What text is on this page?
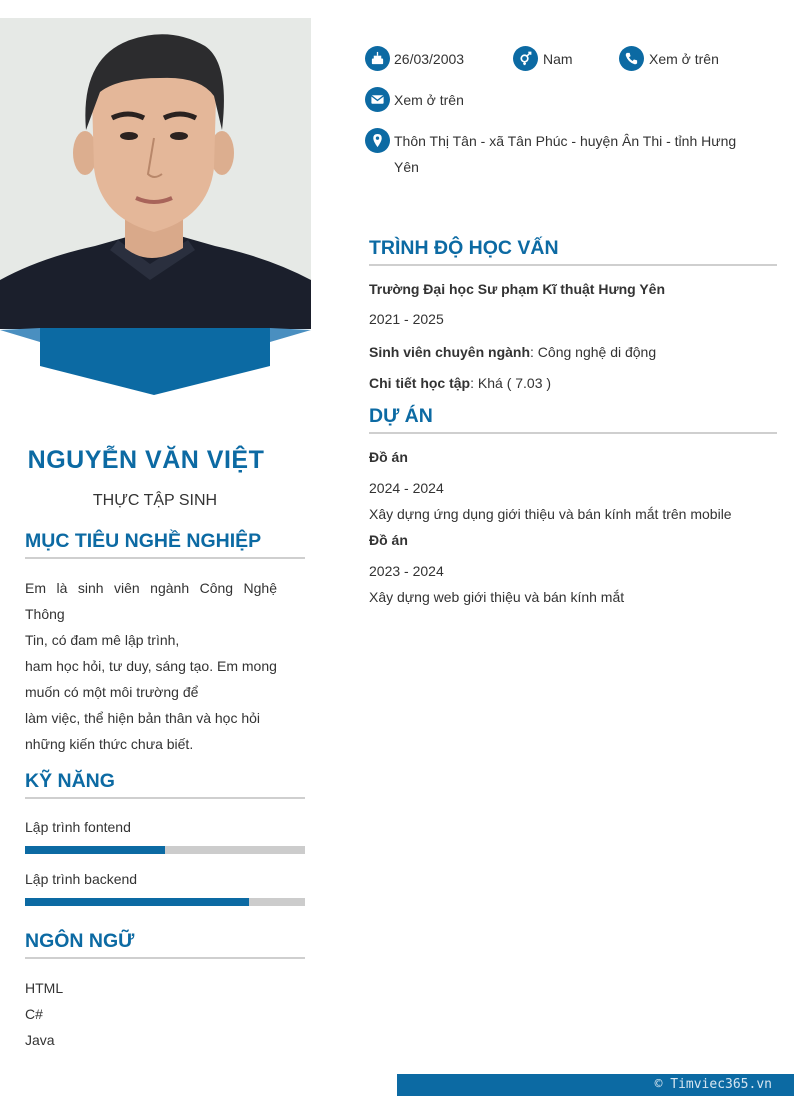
NGUYỄN VĂN VIỆT
THỰC TẬP SINH
MỤC TIÊU NGHỀ NGHIỆP
Em là sinh viên ngành Công Nghệ Thông
Tin, có đam mê lập trình,
ham học hỏi, tư duy, sáng tạo. Em mong
muốn có một môi trường để
làm việc, thể hiện bản thân và học hỏi
những kiến thức chưa biết.
KỸ NĂNG
Lập trình fontend
Lập trình backend
NGÔN NGỮ
HTML
C#
Java
26/03/2003	Nam	Xem ở trên
Xem ở trên
Thôn Thị Tân - xã Tân Phúc - huyện Ân Thi - tỉnh Hưng
Yên
TRÌNH ĐỘ HỌC VẤN
Trường Đại học Sư phạm Kĩ thuật Hưng Yên
2021 - 2025
Sinh viên chuyên ngành: Công nghệ di động
Chi tiết học tập: Khá ( 7.03 )
DỰ ÁN
Đồ án
2024 - 2024
Xây dựng ứng dụng giới thiệu và bán kính mắt trên mobile
Đồ án
2023 - 2024
Xây dựng web giới thiệu và bán kính mắt
© Timviec365.vn
